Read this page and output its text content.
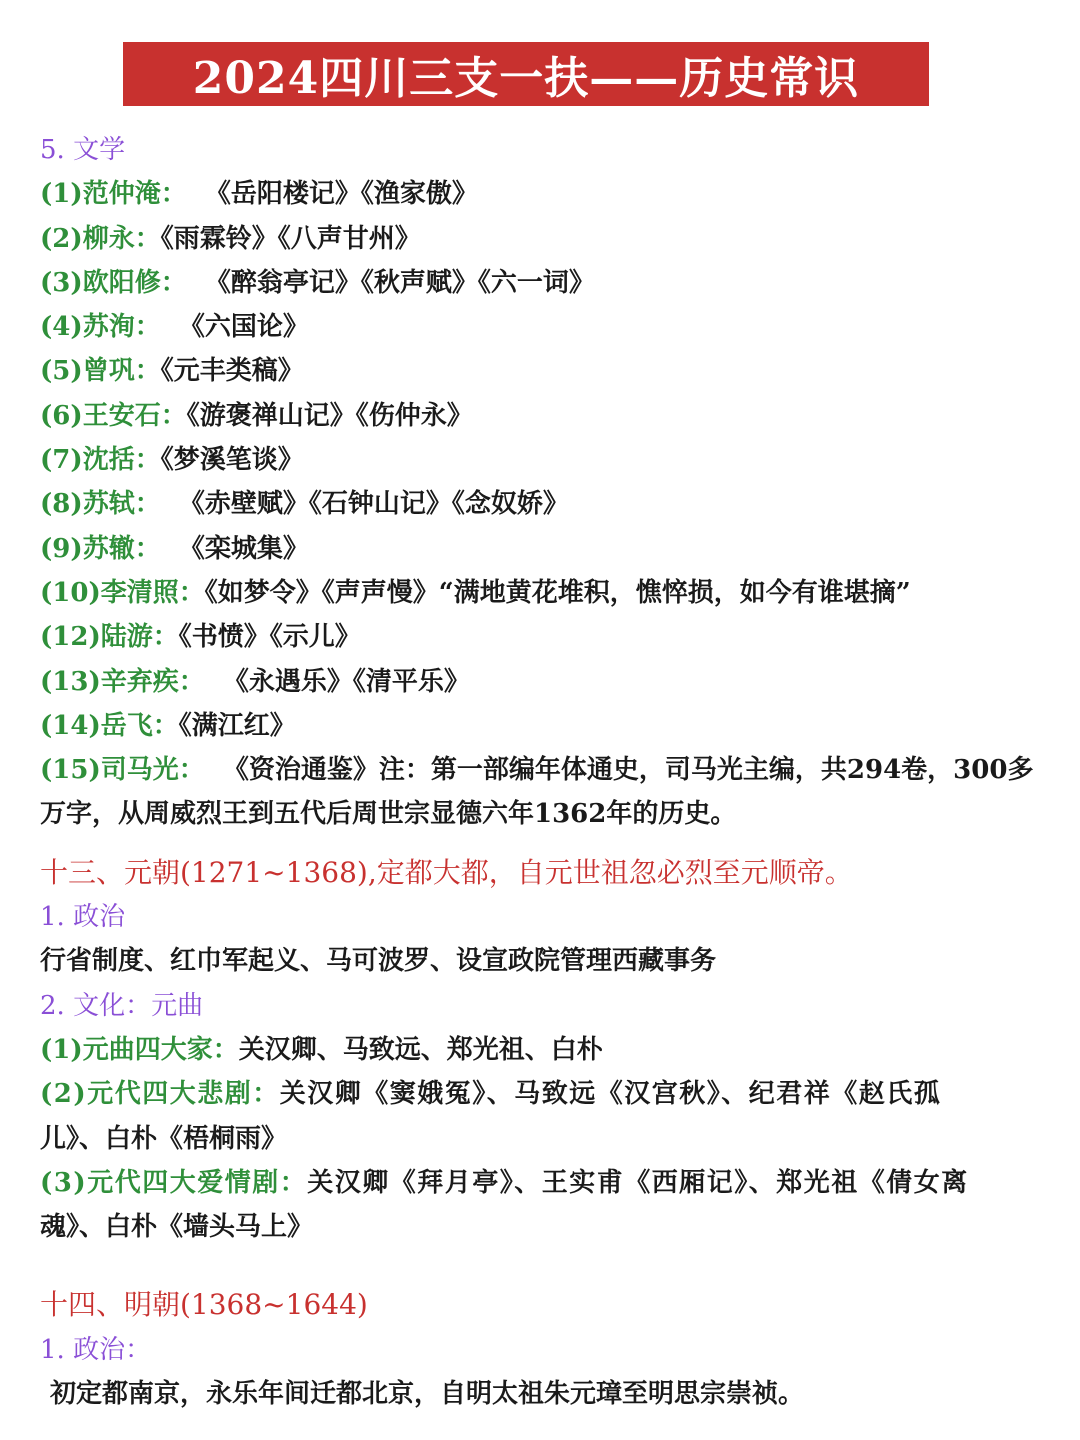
2024四川三支一扶——历史常识

5. 文学

(1)范仲淹： 《岳阳楼记》《渔家傲》

(2)柳永：《雨霖铃》《八声甘州》

(3)欧阳修： 《醉翁亭记》《秋声赋》《六一词》

(4)苏洵： 《六国论》

(5)曾巩：《元丰类稿》

(6)王安石：《游褒禅山记》《伤仲永》

(7)沈括：《梦溪笔谈》

(8)苏轼： 《赤壁赋》《石钟山记》《念奴娇》

(9)苏辙： 《栾城集》

(10)李清照：《如梦令》《声声慢》“满地黄花堆积，憔悴损，如今有谁堪摘”

(12)陆游：《书愤》《示儿》

(13)辛弃疾： 《永遇乐》《清平乐》

(14)岳飞：《满江红》

(15)司马光： 《资治通鉴》注：第一部编年体通史，司马光主编，共294卷，300多

万字，从周威烈王到五代后周世宗显德六年1362年的历史。

十三、元朝(1271~1368),定都大都，自元世祖忽必烈至元顺帝。

1. 政治

行省制度、红巾军起义、马可波罗、设宣政院管理西藏事务

2. 文化：元曲

(1)元曲四大家：关汉卿、马致远、郑光祖、白朴

(2)元代四大悲剧：关汉卿《窦娥冤》、马致远《汉宫秋》、纪君祥《赵氏孤

儿》、白朴《梧桐雨》

(3)元代四大爱情剧：关汉卿《拜月亭》、王实甫《西厢记》、郑光祖《倩女离

魂》、白朴《墙头马上》

十四、明朝(1368~1644)

1. 政治：

初定都南京，永乐年间迁都北京，自明太祖朱元璋至明思宗崇祯。
